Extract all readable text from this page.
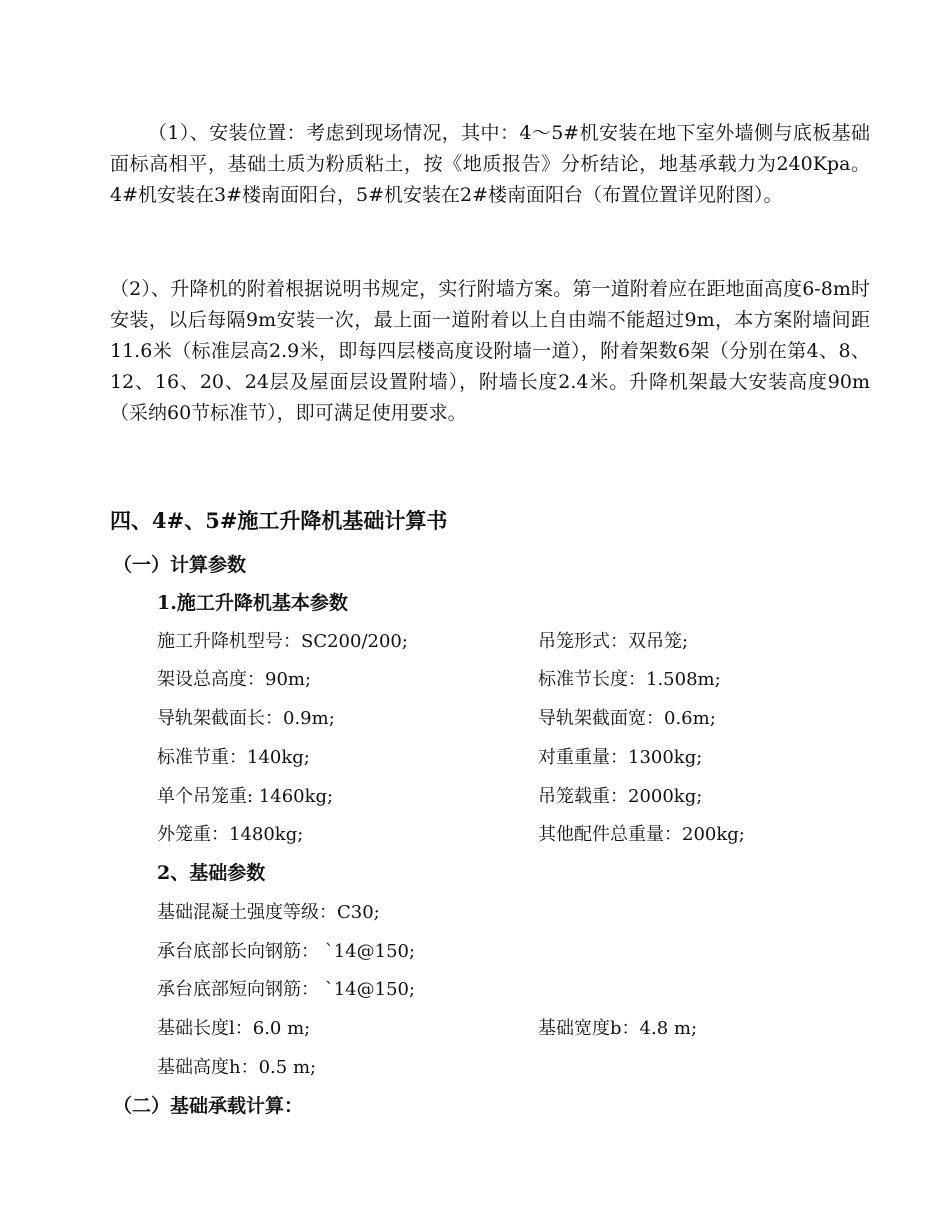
（1）、安装位置：考虑到现场情况，其中：4～5#机安装在地下室外墙侧与底板基础面标高相平，基础土质为粉质粘土，按《地质报告》分析结论，地基承载力为240Kpa。4#机安装在3#楼南面阳台，5#机安装在2#楼南面阳台（布置位置详见附图）。
（2）、升降机的附着根据说明书规定，实行附墙方案。第一道附着应在距地面高度6-8m时安装，以后每隔9m安装一次，最上面一道附着以上自由端不能超过9m，本方案附墙间距11.6米（标准层高2.9米，即每四层楼高度设附墙一道），附着架数6架（分别在第4、8、12、16、20、24层及屋面层设置附墙），附墙长度2.4米。升降机架最大安装高度90m（采纳60节标准节），即可满足使用要求。
四、4#、5#施工升降机基础计算书
（一）计算参数
1.施工升降机基本参数
施工升降机型号：SC200/200;	吊笼形式：双吊笼;
架设总高度：90m;	标准节长度：1.508m;
导轨架截面长：0.9m;	导轨架截面宽：0.6m;
标准节重：140kg;	对重重量：1300kg;
单个吊笼重: 1460kg;	吊笼载重：2000kg;
外笼重：1480kg;	其他配件总重量：200kg;
2、基础参数
基础混凝土强度等级：C30;
承台底部长向钢筋： `14@150;
承台底部短向钢筋： `14@150;
基础长度l：6.0 m;	基础宽度b：4.8 m;
基础高度h：0.5 m;
（二）基础承载计算：
